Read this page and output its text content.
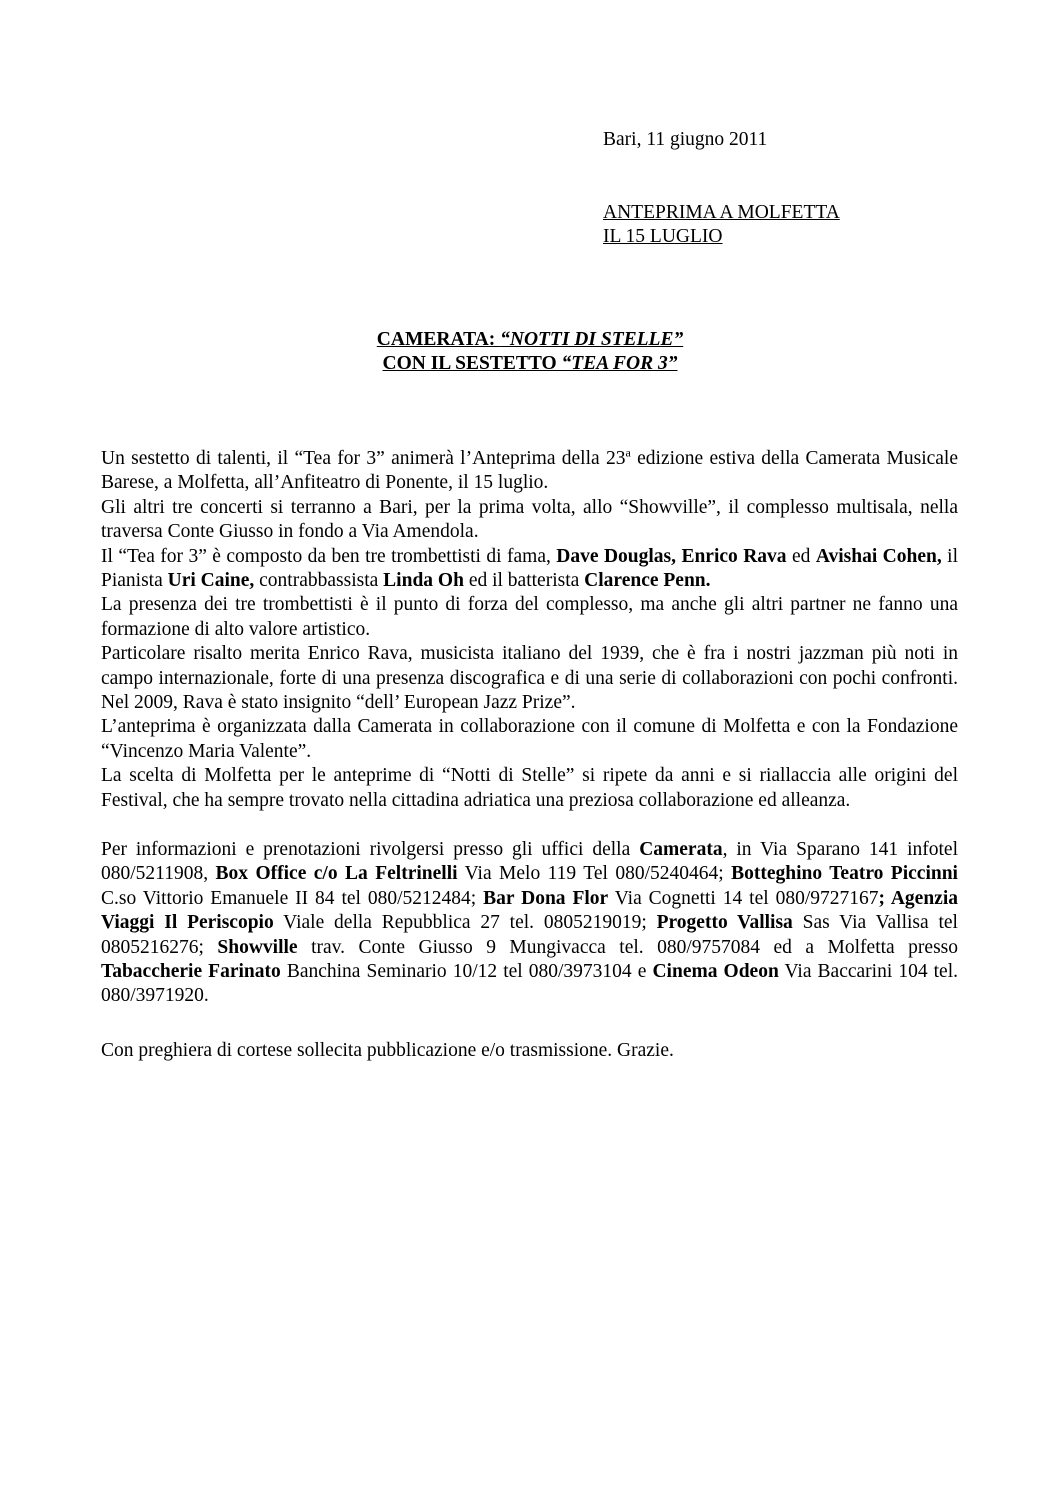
Bari, 11 giugno 2011
ANTEPRIMA A MOLFETTA
IL 15 LUGLIO
CAMERATA: “NOTTI DI STELLE”
CON IL SESTETTO “TEA FOR 3”

Un sestetto di talenti, il “Tea for 3” animerà l’Anteprima della 23$^a$ edizione estiva della Camerata Musicale Barese, a Molfetta, all’Anfiteatro di Ponente, il 15 luglio.

Gli altri tre concerti si terranno a Bari, per la prima volta, allo “Showville”, il complesso multisala, nella traversa Conte Giusso in fondo a Via Amendola.

Il “Tea for 3” è composto da ben tre trombettisti di fama, Dave Douglas, Enrico Rava ed Avishai Cohen, il Pianista Uri Caine, contrabbassista Linda Oh ed il batterista Clarence Penn.

La presenza dei tre trombettisti è il punto di forza del complesso, ma anche gli altri partner ne fanno una formazione di alto valore artistico.

Particolare risalto merita Enrico Rava, musicista italiano del 1939, che è fra i nostri jazzman più noti in campo internazionale, forte di una presenza discografica e di una serie di collaborazioni con pochi confronti. Nel 2009, Rava è stato insignito “dell’ European Jazz Prize”.

L’anteprima è organizzata dalla Camerata in collaborazione con il comune di Molfetta e con la Fondazione “Vincenzo Maria Valente”.

La scelta di Molfetta per le anteprime di “Notti di Stelle” si ripete da anni e si riallaccia alle origini del Festival, che ha sempre trovato nella cittadina adriatica una preziosa collaborazione ed alleanza.

Per informazioni e prenotazioni rivolgersi presso gli uffici della Camerata, in Via Sparano 141 infotel 080/5211908, Box Office c/o La Feltrinelli Via Melo 119 Tel 080/5240464; Botteghino Teatro Piccinni C.so Vittorio Emanuele II 84 tel 080/5212484; Bar Dona Flor Via Cognetti 14 tel 080/9727167; Agenzia Viaggi Il Periscopio Viale della Repubblica 27 tel. 0805219019; Progetto Vallisa Sas Via Vallisa tel 0805216276; Showville trav. Conte Giusso 9 Mungivacca tel. 080/9757084 ed a Molfetta presso Tabaccherie Farinato Banchina Seminario 10/12 tel 080/3973104 e Cinema Odeon Via Baccarini 104 tel. 080/3971920.

Con preghiera di cortese sollecita pubblicazione e/o trasmissione. Grazie.
